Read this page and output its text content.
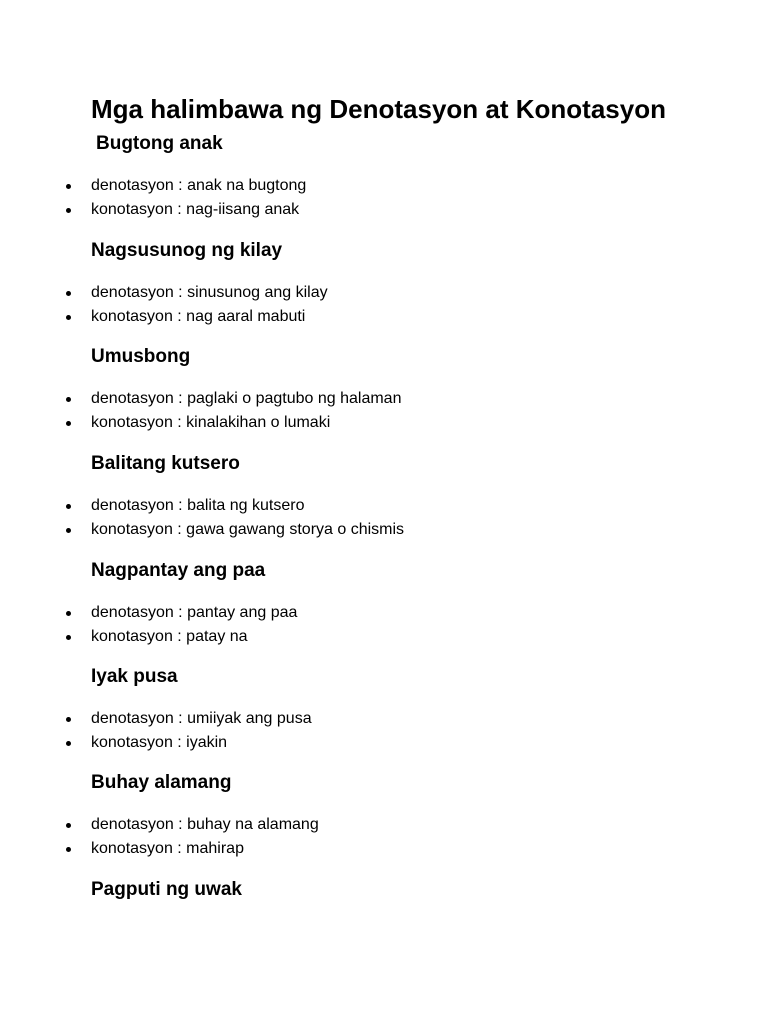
Mga halimbawa ng Denotasyon at Konotasyon
Bugtong anak
denotasyon : anak na bugtong
konotasyon : nag-iisang anak
Nagsusunog ng kilay
denotasyon : sinusunog ang kilay
konotasyon : nag aaral mabuti
Umusbong
denotasyon : paglaki o pagtubo ng halaman
konotasyon : kinalakihan o lumaki
Balitang kutsero
denotasyon : balita ng kutsero
konotasyon : gawa gawang storya o chismis
Nagpantay ang paa
denotasyon : pantay ang paa
konotasyon : patay na
Iyak pusa
denotasyon : umiiyak ang pusa
konotasyon : iyakin
Buhay alamang
denotasyon : buhay na alamang
konotasyon : mahirap
Pagputi ng uwak
